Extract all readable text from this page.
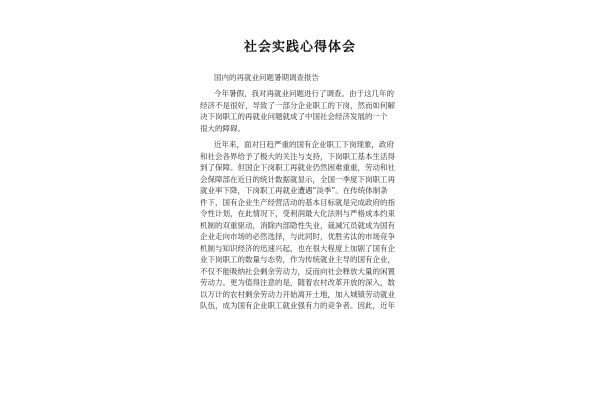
社会实践心得体会

国内的再就业问题暑期调查报告

今年暑假，我对再就业问题进行了调查。由于这几年的
经济不是很好，导致了一部分企业职工的下岗，然而如何解
决下岗职工的再就业问题就成了中国社会经济发展的一个
很大的障碍。
近年来，面对日趋严重的国有企业职工下岗现象，政府
和社会各界给予了极大的关注与支持，下岗职工基本生活得
到了保障。但国企下岗职工再就业仍然困难重重，劳动和社
会保障部在近日的统计数据就显示，全国一季度下岗职工再
就业率下降，下岗职工再就业遭遇“淡季”。在传统体制条
件下，国有企业生产经营活动的基本目标就是完成政府的指
令性计划，在此情况下，受利润最大化法则与严格成本约束
机制的双重驱动，消除内部隐性失业，裁减冗员就成为国有
企业走向市场的必然选择，与此同时，优胜劣汰的市场竞争
机制与知识经济的迅速兴起，也在很大程度上加剧了国有企
业下岗职工的数量与态势，作为传统就业主导的国有企业，
不仅不能吸纳社会剩余劳动力，反而向社会释放大量的闲置
劳动力。更为值得注意的是，随着农村改革开放的深入，数
以万计的农村剩余劳动力开始离开土地，加入城镇劳动就业
队伍，成为国有企业职工就业强有力的竞争者。因此，近年
